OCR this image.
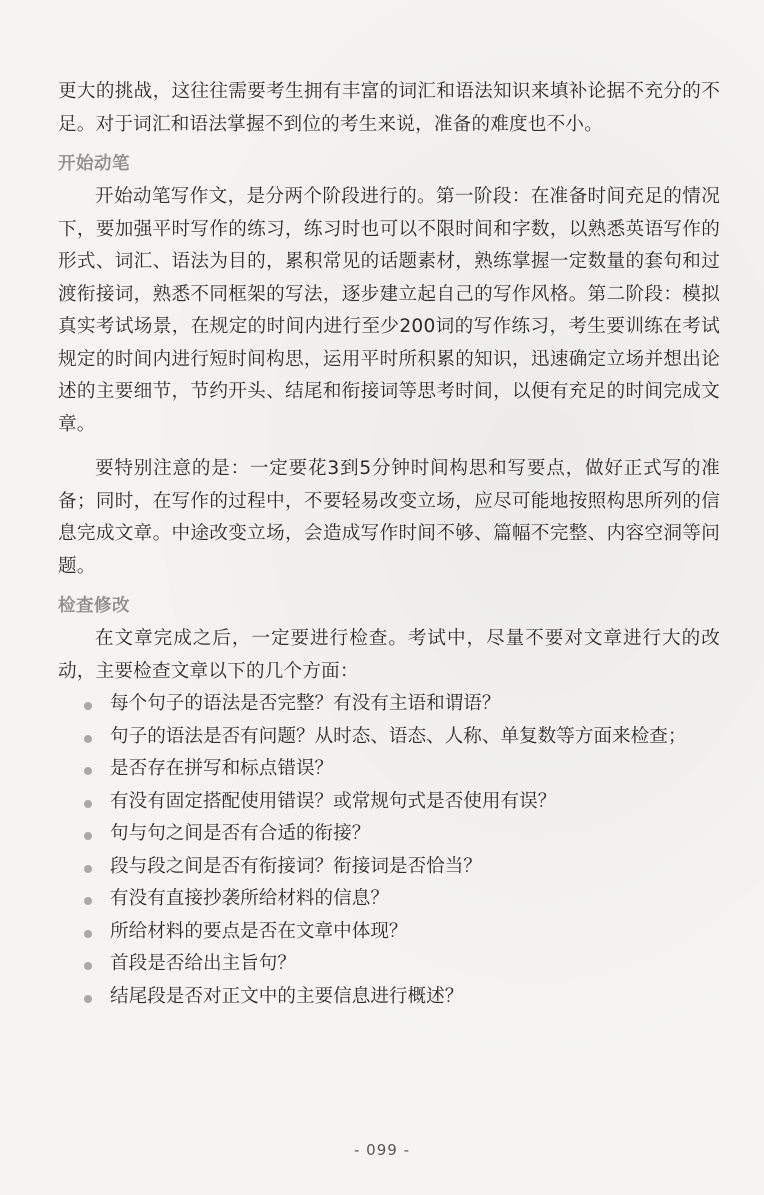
更大的挑战，这往往需要考生拥有丰富的词汇和语法知识来填补论据不充分的不足。对于词汇和语法掌握不到位的考生来说，准备的难度也不小。

开始动笔

开始动笔写作文，是分两个阶段进行的。第一阶段：在准备时间充足的情况下，要加强平时写作的练习，练习时也可以不限时间和字数，以熟悉英语写作的形式、词汇、语法为目的，累积常见的话题素材，熟练掌握一定数量的套句和过渡衔接词，熟悉不同框架的写法，逐步建立起自己的写作风格。第二阶段：模拟真实考试场景，在规定的时间内进行至少200词的写作练习，考生要训练在考试规定的时间内进行短时间构思，运用平时所积累的知识，迅速确定立场并想出论述的主要细节，节约开头、结尾和衔接词等思考时间，以便有充足的时间完成文章。

要特别注意的是：一定要花3到5分钟时间构思和写要点，做好正式写的准备；同时，在写作的过程中，不要轻易改变立场，应尽可能地按照构思所列的信息完成文章。中途改变立场，会造成写作时间不够、篇幅不完整、内容空洞等问题。

检查修改

在文章完成之后，一定要进行检查。考试中，尽量不要对文章进行大的改动，主要检查文章以下的几个方面：

每个句子的语法是否完整？有没有主语和谓语？
句子的语法是否有问题？从时态、语态、人称、单复数等方面来检查；
是否存在拼写和标点错误？
有没有固定搭配使用错误？或常规句式是否使用有误？
句与句之间是否有合适的衔接？
段与段之间是否有衔接词？衔接词是否恰当？
有没有直接抄袭所给材料的信息？
所给材料的要点是否在文章中体现？
首段是否给出主旨句？
结尾段是否对正文中的主要信息进行概述？
- 099 -
